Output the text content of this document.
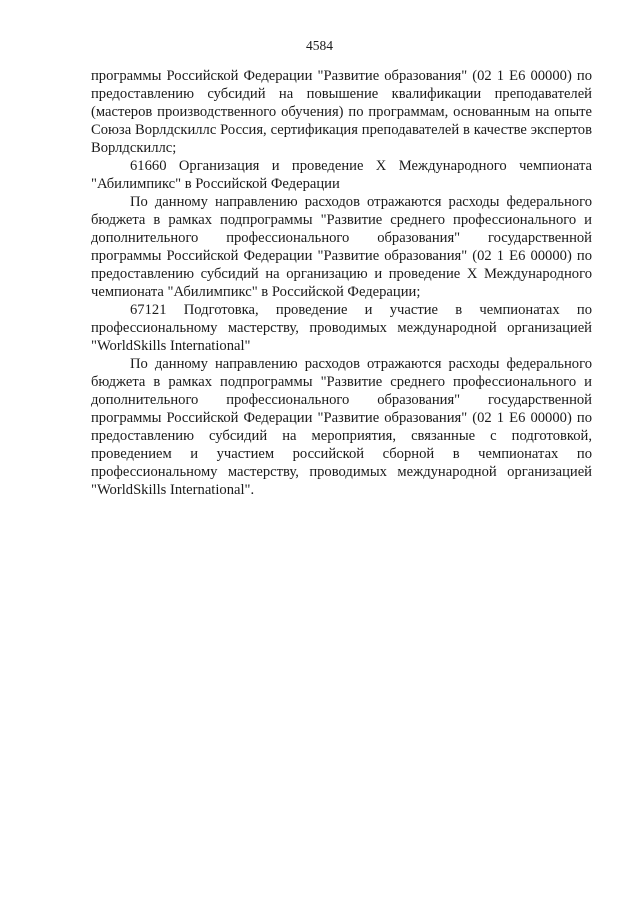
4584

программы Российской Федерации "Развитие образования" (02 1 Е6 00000) по предоставлению субсидий на повышение квалификации преподавателей (мастеров производственного обучения) по программам, основанным на опыте Союза Ворлдскиллс Россия, сертификация преподавателей в качестве экспертов Ворлдскиллс;

61660 Организация и проведение X Международного чемпионата "Абилимпикс" в Российской Федерации

По данному направлению расходов отражаются расходы федерального бюджета в рамках подпрограммы "Развитие среднего профессионального и дополнительного профессионального образования" государственной программы Российской Федерации "Развитие образования" (02 1 Е6 00000) по предоставлению субсидий на организацию и проведение X Международного чемпионата "Абилимпикс" в Российской Федерации;

67121 Подготовка, проведение и участие в чемпионатах по профессиональному мастерству, проводимых международной организацией "WorldSkills International"

По данному направлению расходов отражаются расходы федерального бюджета в рамках подпрограммы "Развитие среднего профессионального и дополнительного профессионального образования" государственной программы Российской Федерации "Развитие образования" (02 1 Е6 00000) по предоставлению субсидий на мероприятия, связанные с подготовкой, проведением и участием российской сборной в чемпионатах по профессиональному мастерству, проводимых международной организацией "WorldSkills International".
